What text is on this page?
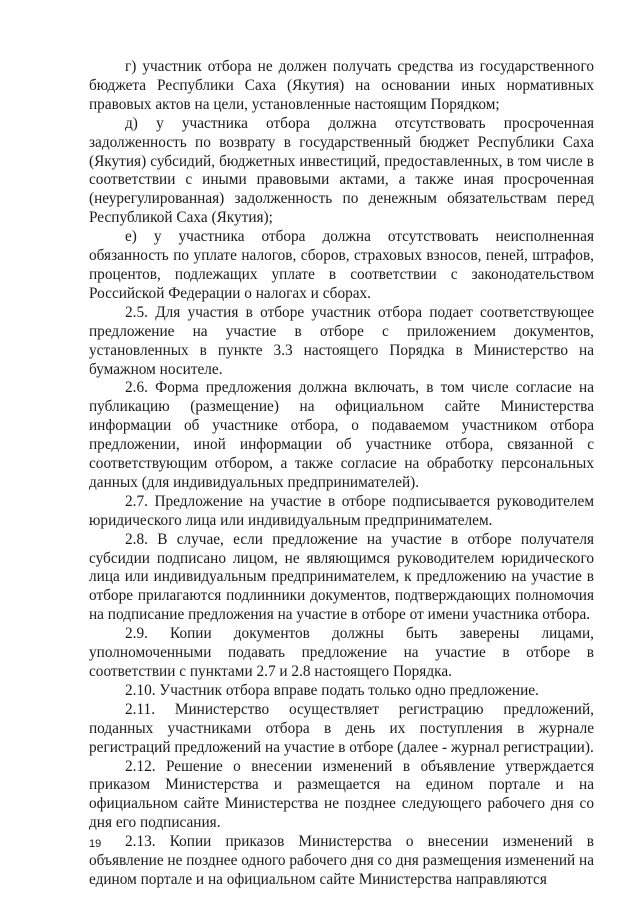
г) участник отбора не должен получать средства из государственного бюджета Республики Саха (Якутия) на основании иных нормативных правовых актов на цели, установленные настоящим Порядком;

д) у участника отбора должна отсутствовать просроченная задолженность по возврату в государственный бюджет Республики Саха (Якутия) субсидий, бюджетных инвестиций, предоставленных, в том числе в соответствии с иными правовыми актами, а также иная просроченная (неурегулированная) задолженность по денежным обязательствам перед Республикой Саха (Якутия);

е) у участника отбора должна отсутствовать неисполненная обязанность по уплате налогов, сборов, страховых взносов, пеней, штрафов, процентов, подлежащих уплате в соответствии с законодательством Российской Федерации о налогах и сборах.

2.5. Для участия в отборе участник отбора подает соответствующее предложение на участие в отборе с приложением документов, установленных в пункте 3.3 настоящего Порядка в Министерство на бумажном носителе.

2.6. Форма предложения должна включать, в том числе согласие на публикацию (размещение) на официальном сайте Министерства информации об участнике отбора, о подаваемом участником отбора предложении, иной информации об участнике отбора, связанной с соответствующим отбором, а также согласие на обработку персональных данных (для индивидуальных предпринимателей).

2.7. Предложение на участие в отборе подписывается руководителем юридического лица или индивидуальным предпринимателем.

2.8. В случае, если предложение на участие в отборе получателя субсидии подписано лицом, не являющимся руководителем юридического лица или индивидуальным предпринимателем, к предложению на участие в отборе прилагаются подлинники документов, подтверждающих полномочия на подписание предложения на участие в отборе от имени участника отбора.

2.9. Копии документов должны быть заверены лицами, уполномоченными подавать предложение на участие в отборе в соответствии с пунктами 2.7 и 2.8 настоящего Порядка.

2.10. Участник отбора вправе подать только одно предложение.

2.11. Министерство осуществляет регистрацию предложений, поданных участниками отбора в день их поступления в журнале регистраций предложений на участие в отборе (далее - журнал регистрации).

2.12. Решение о внесении изменений в объявление утверждается приказом Министерства и размещается на едином портале и на официальном сайте Министерства не позднее следующего рабочего дня со дня его подписания.

2.13. Копии приказов Министерства о внесении изменений в объявление не позднее одного рабочего дня со дня размещения изменений на едином портале и на официальном сайте Министерства направляются

19
